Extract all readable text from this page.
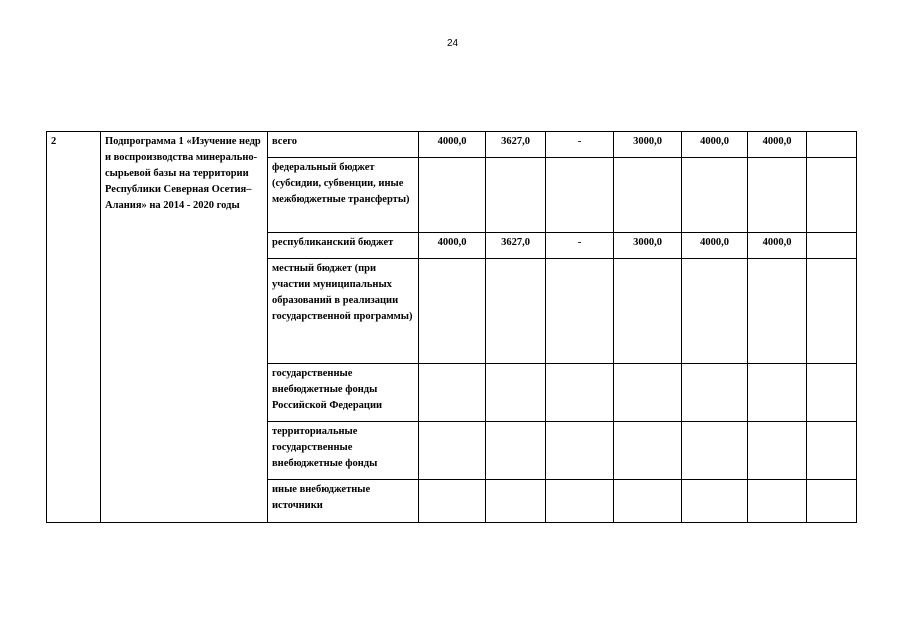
24
2	Подпрограмма 1 «Изучение недр и воспроизводства минерально-сырьевой базы на территории Республики Северная Осетия–Алания» на 2014 - 2020 годы	всего	4000,0	3627,0	-	3000,0	4000,0	4000,0	
		федеральный бюджет (субсидии, субвенции, иные межбюджетные трансферты)							
		республиканский бюджет	4000,0	3627,0	-	3000,0	4000,0	4000,0	
		местный бюджет (при участии муниципальных образований в реализации государственной программы)							
		государственные внебюджетные фонды Российской Федерации							
		территориальные государственные внебюджетные фонды							
		иные внебюджетные источники							
